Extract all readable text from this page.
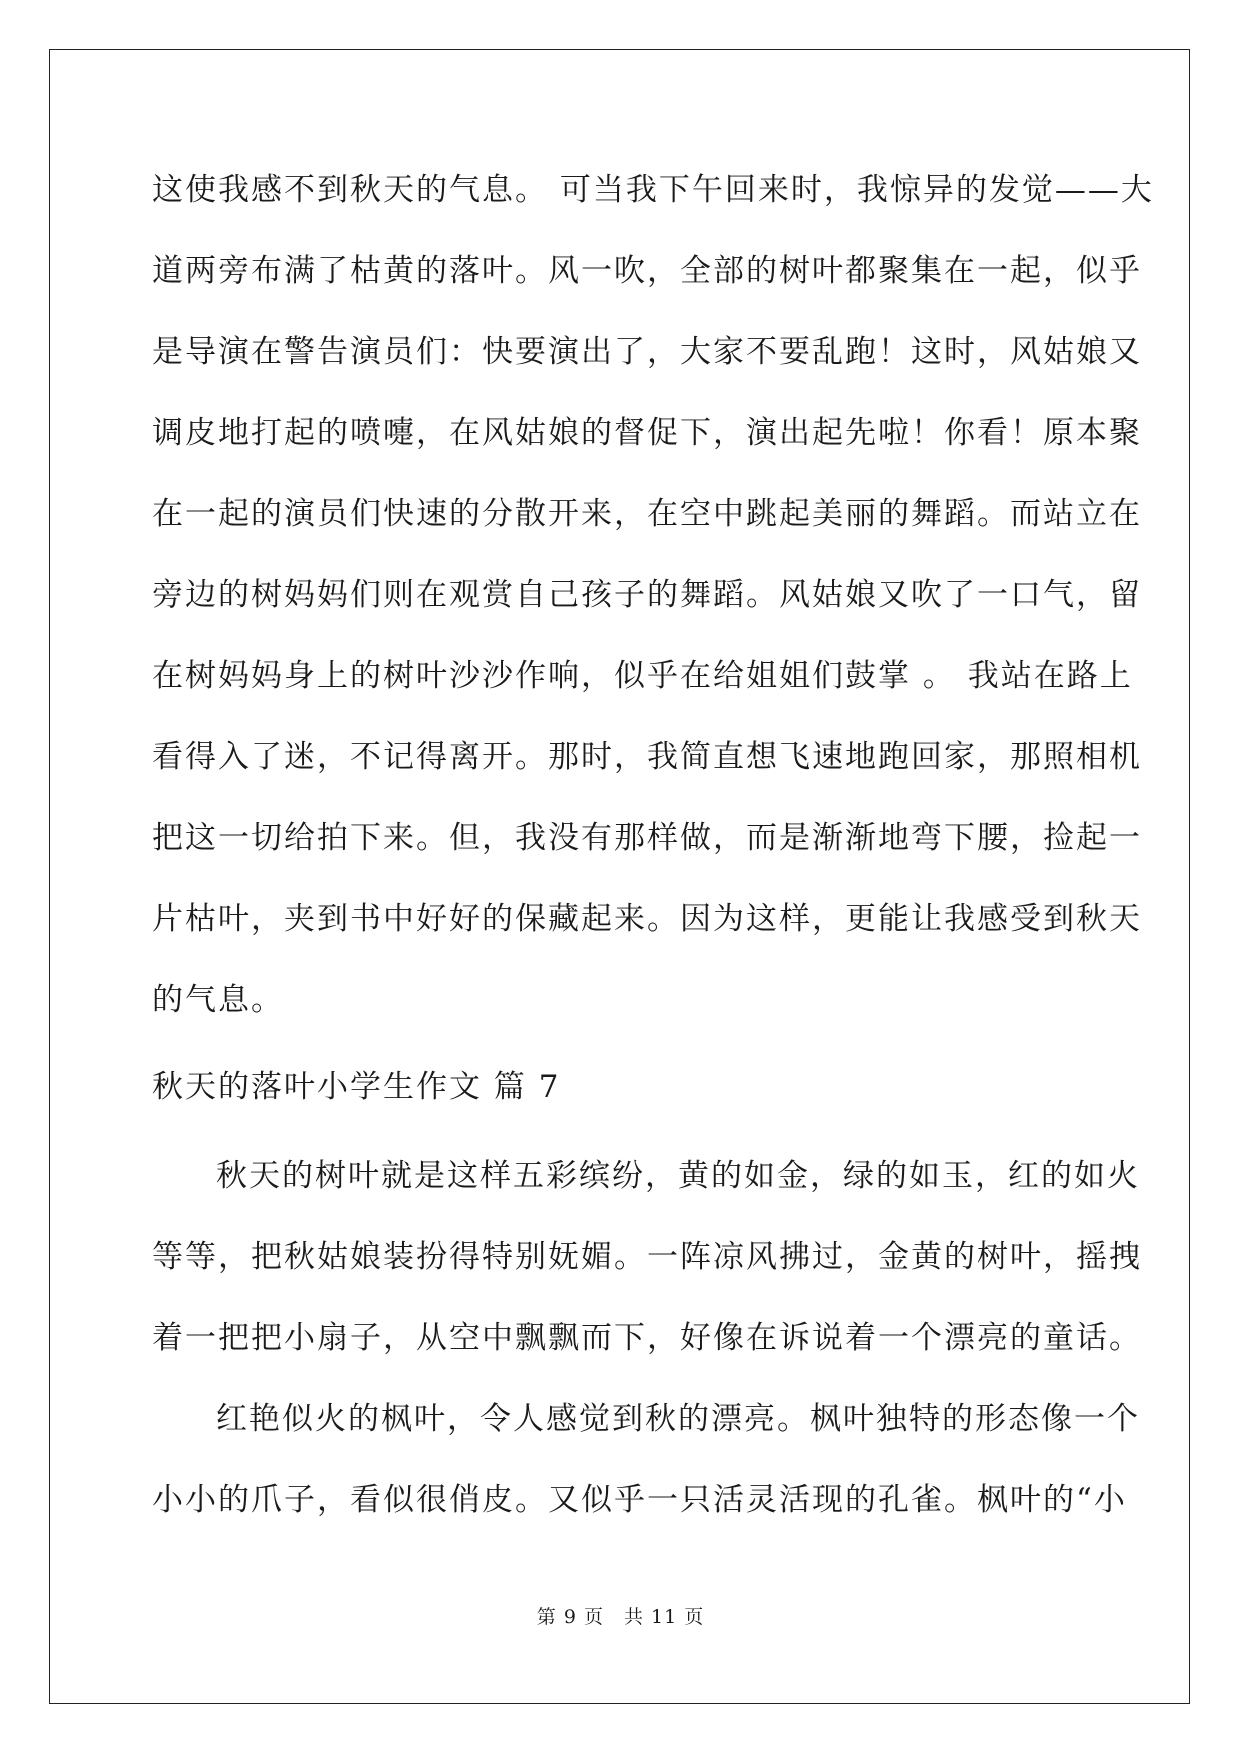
这使我感不到秋天的气息。 可当我下午回来时，我惊异的发觉——大
道两旁布满了枯黄的落叶。风一吹，全部的树叶都聚集在一起，似乎
是导演在警告演员们：快要演出了，大家不要乱跑！这时，风姑娘又
调皮地打起的喷嚏，在风姑娘的督促下，演出起先啦！你看！原本聚
在一起的演员们快速的分散开来，在空中跳起美丽的舞蹈。而站立在
旁边的树妈妈们则在观赏自己孩子的舞蹈。风姑娘又吹了一口气，留
在树妈妈身上的树叶沙沙作响，似乎在给姐姐们鼓掌 。 我站在路上
看得入了迷，不记得离开。那时，我简直想飞速地跑回家，那照相机
把这一切给拍下来。但，我没有那样做，而是渐渐地弯下腰，捡起一
片枯叶，夹到书中好好的保藏起来。因为这样，更能让我感受到秋天
的气息。
秋天的落叶小学生作文 篇 7
秋天的树叶就是这样五彩缤纷，黄的如金，绿的如玉，红的如火
等等，把秋姑娘装扮得特别妩媚。一阵凉风拂过，金黄的树叶，摇拽
着一把把小扇子，从空中飘飘而下，好像在诉说着一个漂亮的童话。
红艳似火的枫叶，令人感觉到秋的漂亮。枫叶独特的形态像一个
小小的爪子，看似很俏皮。又似乎一只活灵活现的孔雀。枫叶的“小
第 9 页　共 11 页
